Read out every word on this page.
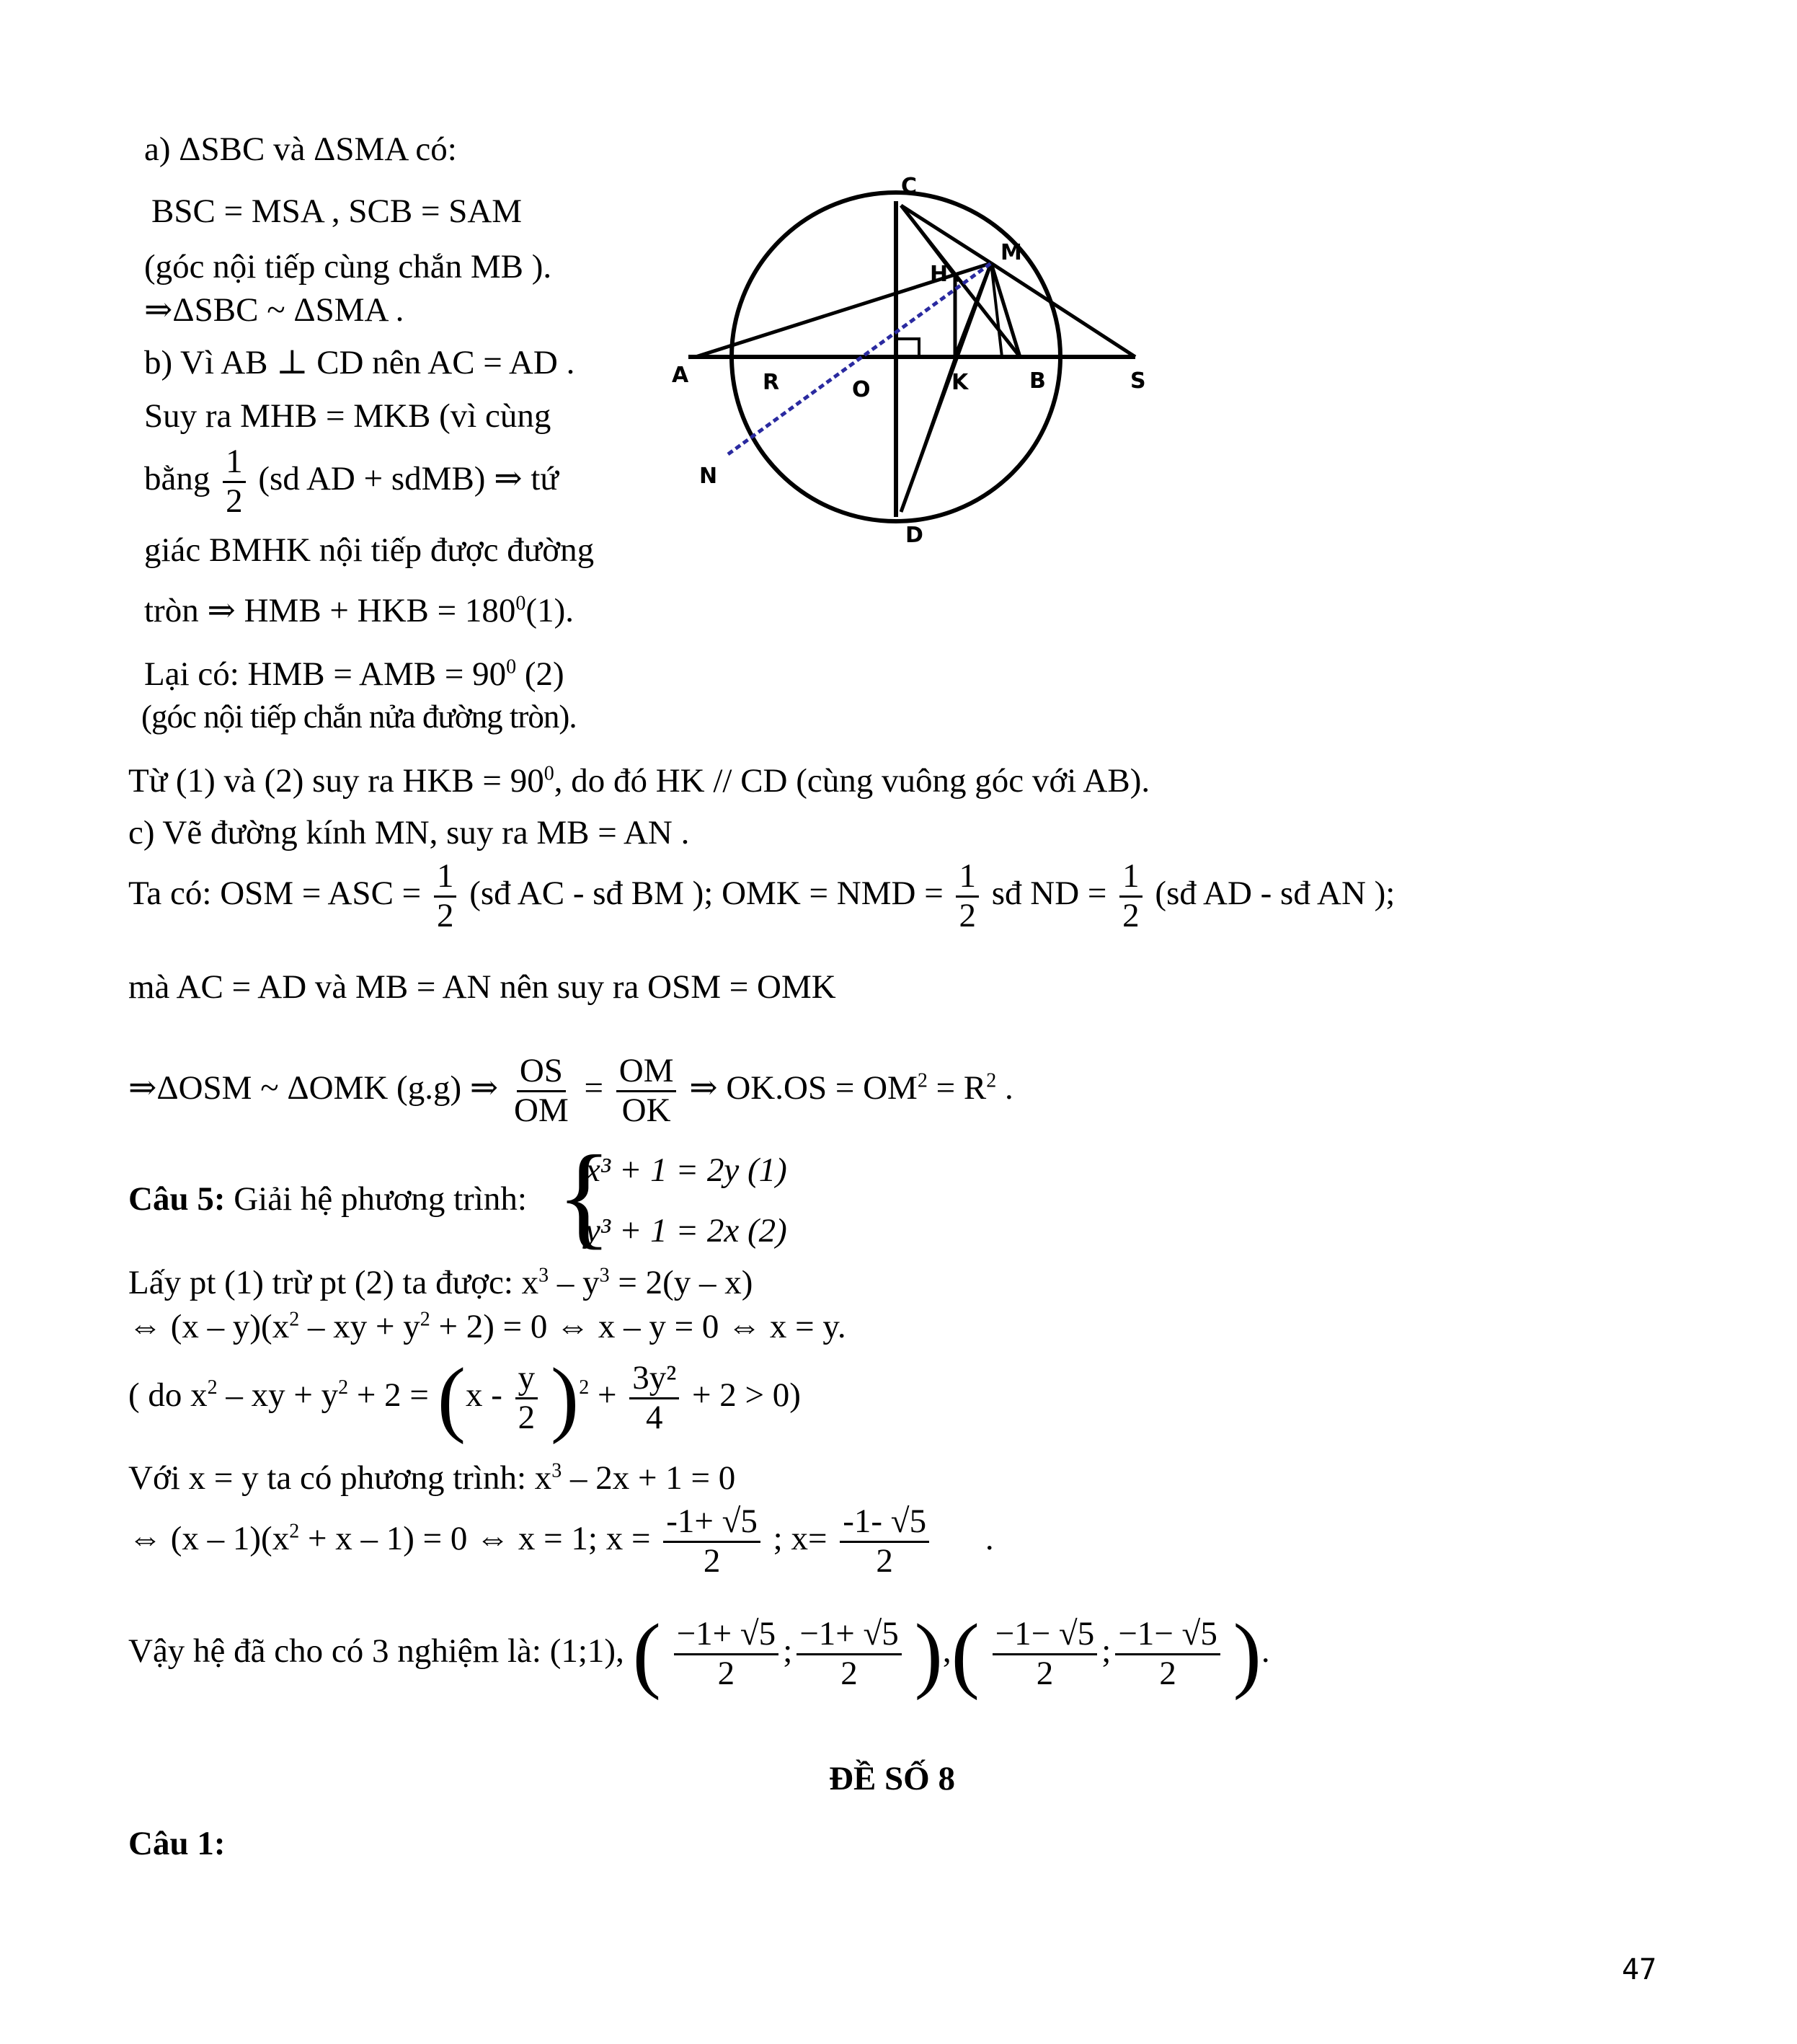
a) ΔSBC và ΔSMA có:
BSC = MSA , SCB = SAM
(góc nội tiếp cùng chắn MB ).
⇒ΔSBC ~ ΔSMA .
b) Vì AB ⊥ CD nên AC = AD .
Suy ra MHB = MKB (vì cùng
bằng $\frac{1}{2} (sd$ AD + sdMB) ⇒ tứ
giác BMHK nội tiếp được đường
tròn ⇒ HMB + HKB = $180^0(1)$.
Lại có: HMB = AMB = $90^0$ (2)
(góc nội tiếp chắn nửa đường tròn).
C
M
H
A	R	O	K	B	S
N
D
Từ (1) và (2) suy ra HKB = $90^0$, do đó HK // CD (cùng vuông góc với AB).
c) Vẽ đường kính MN, suy ra MB = AN .
Ta có: OSM = ASC = $\frac{1}{2}$ (sđ AC - sđ BM ); OMK = NMD = $\frac{1}{2}$ sđ ND = $\frac{1}{2}$ (sđ AD - sđ AN );
mà AC = AD và MB = AN nên suy ra OSM = OMK
⇒ΔOSM ~ ΔOMK (g.g) ⇒ $\frac{OS}{OM} = \frac{OM}{OK}$ ⇒ $OK.OS = OM^2 = R^2$ .
Câu 5: Giải hệ phương trình: {
x³ + 1 = 2y (1)
y³ + 1 = 2x (2)
Lấy pt (1) trừ pt (2) ta được: $x^3 - y^3 = 2(y - x)$
⇔ $(x - y)(x^2$ – xy + $y^2 + 2) = 0$ ⇔ x – y = 0 ⇔ x = y.
( do $x^2$ – xy + $y^2 + 2 = (x - \frac{y}{2} )^2 + \frac{\text{3y²}}{4} + 2 > 0$)
Với x = y ta có phương trình: $x^3 - 2x + 1 = 0$
⇔ $(x - 1)(x^2 + x - 1) = 0$ ⇔ x = 1; $x = \frac{-1+ √5}{2}$ ; $x= \frac{-1- √5}{2}$ .
Vậy hệ đã cho có 3 nghiệm là: (1;1), ( $\frac{-1+ √5}{2}$ ; $\frac{-1+ √5}{2}$ ),( $\frac{-1- √5}{2}$ ; $\frac{-1- √5}{2}$ ).
ĐỀ SỐ 8
Câu 1:
47
